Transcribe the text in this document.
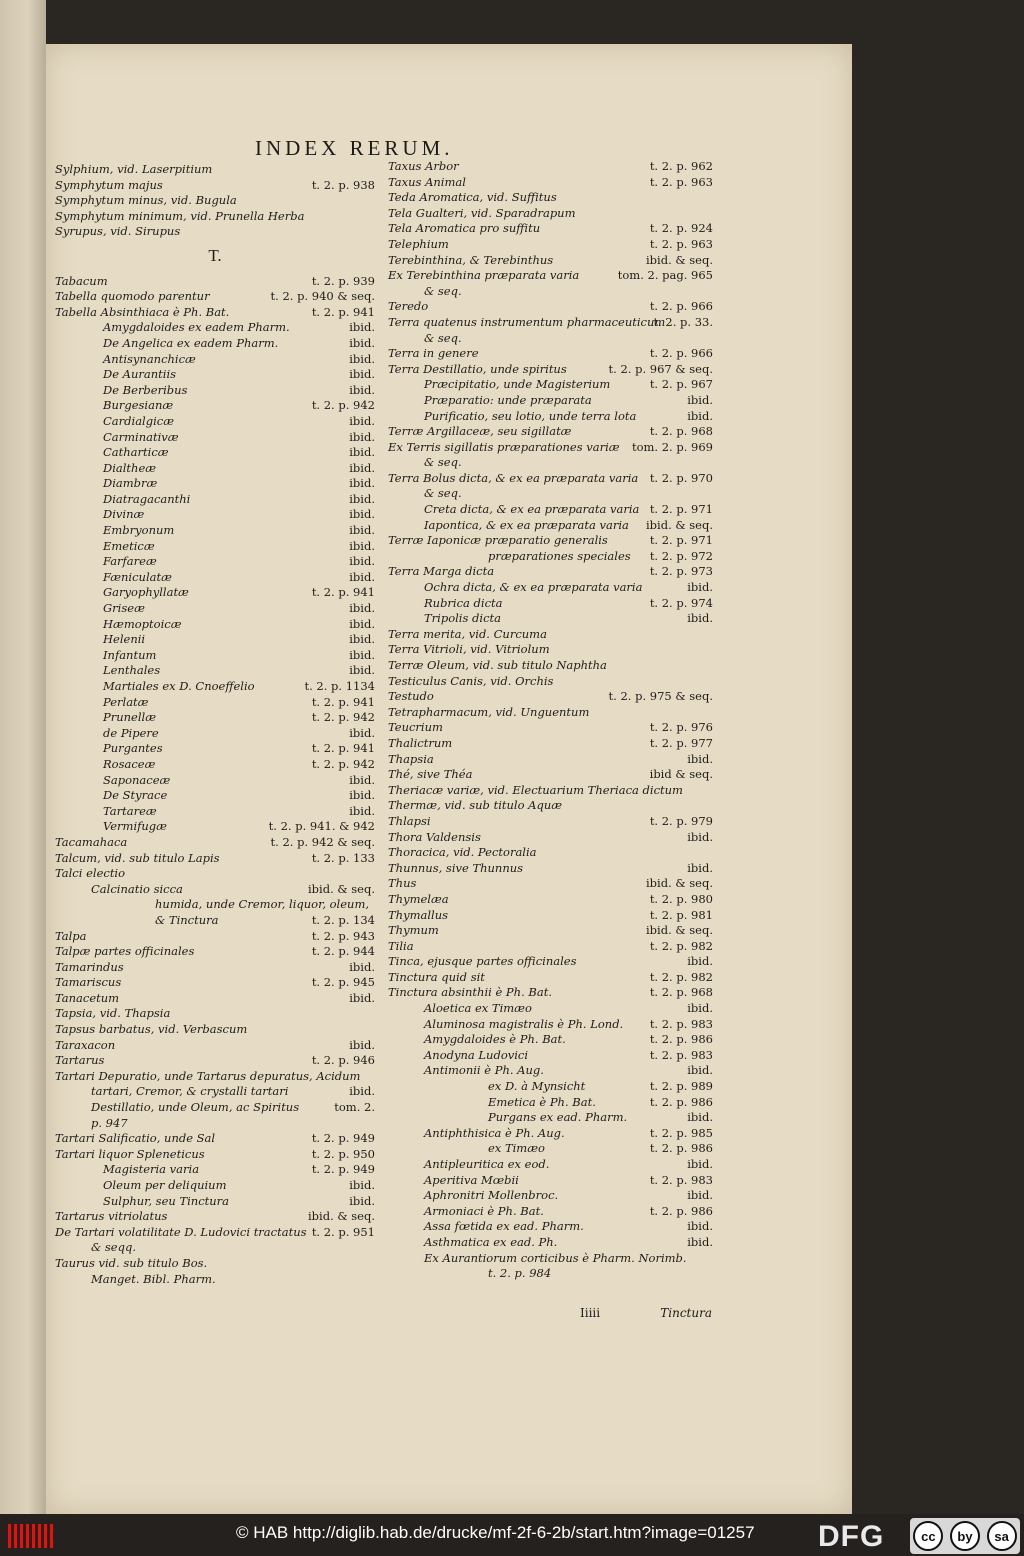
INDEX RERUM.
Sylphium, vid. Laserpitium
Symphytum majus	t. 2. p. 938
Symphytum minus, vid. Bugula
Symphytum minimum, vid. Prunella Herba
Syrupus, vid. Sirupus
T.
Tabacum	t. 2. p. 939
Tabella quomodo parentur	t. 2. p. 940 & seq.
Tabella Absinthiaca è Ph. Bat.	t. 2. p. 941
Amygdaloides ex eadem Pharm.	ibid.
De Angelica ex eadem Pharm.	ibid.
Antisynanchicæ	ibid.
De Aurantiis	ibid.
De Berberibus	ibid.
Burgesianæ	t. 2. p. 942
Cardialgicæ	ibid.
Carminativæ	ibid.
Catharticæ	ibid.
Dialtheæ	ibid.
Diambræ	ibid.
Diatragacanthi	ibid.
Divinæ	ibid.
Embryonum	ibid.
Emeticæ	ibid.
Farfareæ	ibid.
Fæniculatæ	ibid.
Garyophyllatæ	t. 2. p. 941
Griseæ	ibid.
Hæmoptoicæ	ibid.
Helenii	ibid.
Infantum	ibid.
Lenthales	ibid.
Martiales ex D. Cnoeffelio	t. 2. p. 1134
Perlatæ	t. 2. p. 941
Prunellæ	t. 2. p. 942
de Pipere	ibid.
Purgantes	t. 2. p. 941
Rosaceæ	t. 2. p. 942
Saponaceæ	ibid.
De Styrace	ibid.
Tartareæ	ibid.
Vermifugæ	t. 2. p. 941. & 942
Tacamahaca	t. 2. p. 942 & seq.
Talcum, vid. sub titulo Lapis	t. 2. p. 133
Talci electio
Calcinatio sicca	ibid. & seq.
humida, unde Cremor, liquor, oleum,
& Tinctura	t. 2. p. 134
Talpa	t. 2. p. 943
Talpæ partes officinales	t. 2. p. 944
Tamarindus	ibid.
Tamariscus	t. 2. p. 945
Tanacetum	ibid.
Tapsia, vid. Thapsia
Tapsus barbatus, vid. Verbascum
Taraxacon	ibid.
Tartarus	t. 2. p. 946
Tartari Depuratio, unde Tartarus depuratus, Acidum
tartari, Cremor, & crystalli tartari	ibid.
Destillatio, unde Oleum, ac Spiritus	tom. 2.
p. 947
Tartari Salificatio, unde Sal	t. 2. p. 949
Tartari liquor Spleneticus	t. 2. p. 950
Magisteria varia	t. 2. p. 949
Oleum per deliquium	ibid.
Sulphur, seu Tinctura	ibid.
Tartarus vitriolatus	ibid. & seq.
De Tartari volatilitate D. Ludovici tractatus t. 2. p. 951
& seqq.
Taurus vid. sub titulo Bos.
Manget. Bibl. Pharm.
Taxus Arbor	t. 2. p. 962
Taxus Animal	t. 2. p. 963
Teda Aromatica, vid. Suffitus
Tela Gualteri, vid. Sparadrapum
Tela Aromatica pro suffitu	t. 2. p. 924
Telephium	t. 2. p. 963
Terebinthina, & Terebinthus	ibid. & seq.
Ex Terebinthina præparata varia	tom. 2. pag. 965
& seq.
Teredo	t. 2. p. 966
Terra quatenus instrumentum pharmaceuticum
t. 2. p. 33.
& seq.
Terra in genere	t. 2. p. 966
Terra Destillatio, unde spiritus	t. 2. p. 967 & seq.
Præcipitatio, unde Magisterium	t. 2. p. 967
Præparatio: unde præparata	ibid.
Purificatio, seu lotio, unde terra lota	ibid.
Terræ Argillaceæ, seu sigillatæ	t. 2. p. 968
Ex Terris sigillatis præparationes variæ tom. 2. p. 969
& seq.
Terra Bolus dicta, & ex ea præparata varia t. 2. p. 970
& seq.
Creta dicta, & ex ea præparata varia t. 2. p. 971
Iapontica, & ex ea præparata varia ibid. & seq.
Terræ Iaponicæ præparatio generalis	t. 2. p. 971
præparationes speciales t. 2. p. 972
Terra Marga dicta	t. 2. p. 973
Ochra dicta, & ex ea præparata varia	ibid.
Rubrica dicta	t. 2. p. 974
Tripolis dicta	ibid.
Terra merita, vid. Curcuma
Terra Vitrioli, vid. Vitriolum
Terræ Oleum, vid. sub titulo Naphtha
Testiculus Canis, vid. Orchis
Testudo	t. 2. p. 975 & seq.
Tetrapharmacum, vid. Unguentum
Teucrium	t. 2. p. 976
Thalictrum	t. 2. p. 977
Thapsia	ibid.
Thé, sive Théa	ibid & seq.
Theriacæ variæ, vid. Electuarium Theriaca dictum
Thermæ, vid. sub titulo Aquæ
Thlapsi	t. 2. p. 979
Thora Valdensis	ibid.
Thoracica, vid. Pectoralia
Thunnus, sive Thunnus	ibid.
Thus	ibid. & seq.
Thymelæa	t. 2. p. 980
Thymallus	t. 2. p. 981
Thymum	ibid. & seq.
Tilia	t. 2. p. 982
Tinca, ejusque partes officinales	ibid.
Tinctura quid sit	t. 2. p. 982
Tinctura absinthii è Ph. Bat.	t. 2. p. 968
Aloetica ex Timæo	ibid.
Aluminosa magistralis è Ph. Lond. t. 2. p. 983
Amygdaloides è Ph. Bat.	t. 2. p. 986
Anodyna Ludovici	t. 2. p. 983
Antimonii è Ph. Aug.	ibid.
ex D. à Mynsicht	t. 2. p. 989
Emetica è Ph. Bat.	t. 2. p. 986
Purgans ex ead. Pharm.	ibid.
Antiphthisica è Ph. Aug.	t. 2. p. 985
ex Timæo	t. 2. p. 986
Antipleuritica ex eod.	ibid.
Aperitiva Mœbii	t. 2. p. 983
Aphronitri Mollenbroc.	ibid.
Armoniaci è Ph. Bat.	t. 2. p. 986
Assa fœtida ex ead. Pharm.	ibid.
Asthmatica ex ead. Ph.	ibid.
Ex Aurantiorum corticibus è Pharm. Norimb.
t. 2. p. 984
Iiiii	Tinctura
© HAB http://diglib.hab.de/drucke/mf-2f-6-2b/start.htm?image=01257 DFG	cc	by	sa
